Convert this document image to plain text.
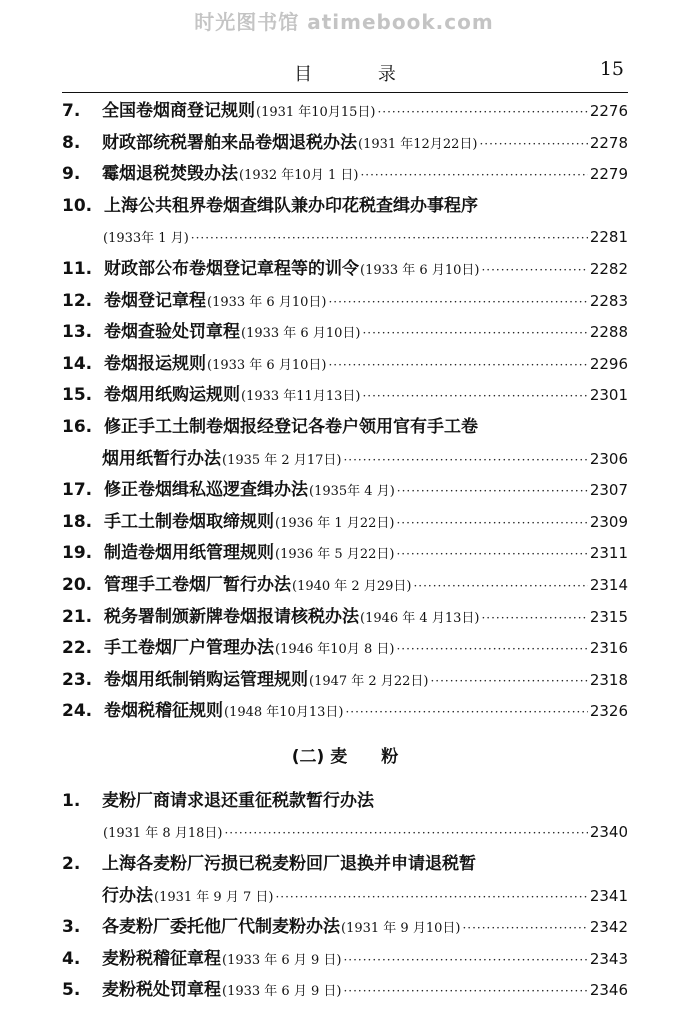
时光图书馆 atimebook.com
目 录	15
7.	全国卷烟商登记规则 (1931 年10月15日) ·····	2276
8.	财政部统税署舶来品卷烟退税办法 (1931 年12月22日) ·····	2278
9.	霉烟退税焚毁办法 (1932 年10月 1 日) ·····	2279
10. 上海公共租界卷烟查缉队兼办印花税查缉办事程序
(1933年 1 月) ·····	2281
11. 财政部公布卷烟登记章程等的训令 (1933 年 6 月10日) ·····	2282
12. 卷烟登记章程 (1933 年 6 月10日) ·····	2283
13. 卷烟查验处罚章程 (1933 年 6 月10日) ·····	2288
14. 卷烟报运规则 (1933 年 6 月10日) ·····	2296
15. 卷烟用纸购运规则 (1933 年11月13日) ·····	2301
16. 修正手工土制卷烟报经登记各卷户领用官有手工卷
烟用纸暂行办法 (1935 年 2 月17日) ·····	2306
17. 修正卷烟缉私巡逻查缉办法 (1935年 4 月) ·····	2307
18. 手工土制卷烟取缔规则 (1936 年 1 月22日) ·····	2309
19. 制造卷烟用纸管理规则 (1936 年 5 月22日) ·····	2311
20. 管理手工卷烟厂暂行办法 (1940 年 2 月29日) ·····	2314
21. 税务署制颁新牌卷烟报请核税办法 (1946 年 4 月13日) ·····	2315
22. 手工卷烟厂户管理办法 (1946 年10月 8 日) ·····	2316
23. 卷烟用纸制销购运管理规则 (1947 年 2 月22日) ·····	2318
24. 卷烟税稽征规则 (1948 年10月13日) ·····	2326
(二) 麦 粉
1.	麦粉厂商请求退还重征税款暂行办法
(1931 年 8 月18日) ·····	2340
2.	上海各麦粉厂污损已税麦粉回厂退换并申请退税暂
行办法 (1931 年 9 月 7 日) ·····	2341
3.	各麦粉厂委托他厂代制麦粉办法 (1931 年 9 月10日) ·····	2342
4.	麦粉税稽征章程 (1933 年 6 月 9 日) ·····	2343
5.	麦粉税处罚章程 (1933 年 6 月 9 日) ·····	2346
